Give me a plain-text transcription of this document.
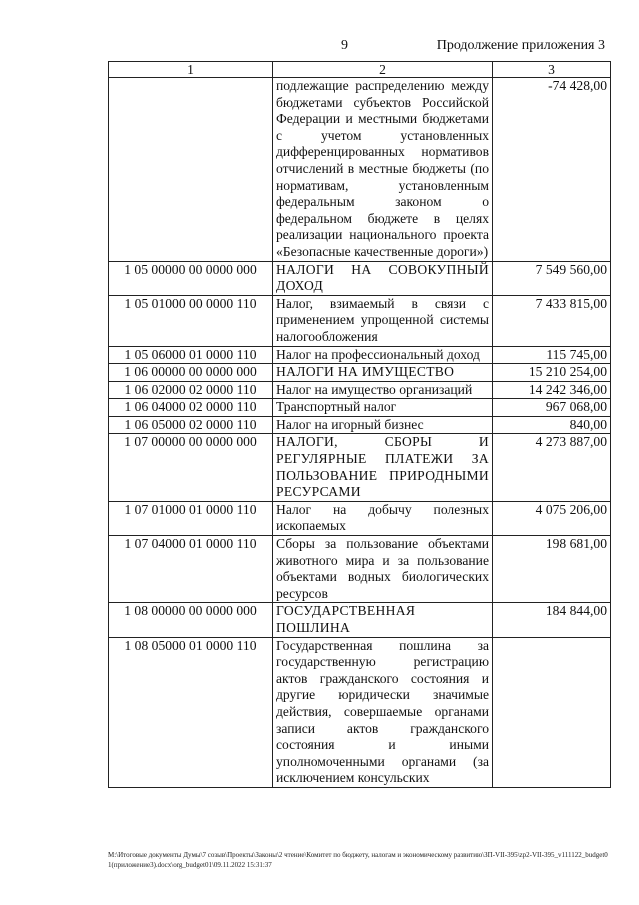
9	Продолжение приложения 3
1	2	3
	подлежащие распределению между бюджетами субъектов Российской Федерации и местными бюджетами с учетом установленных дифференцированных нормативов отчислений в местные бюджеты (по нормативам, установленным федеральным законом о федеральном бюджете в целях реализации национального проекта «Безопасные качественные дороги»)	-74 428,00
1 05 00000 00 0000 000	НАЛОГИ НА СОВОКУПНЫЙ ДОХОД	7 549 560,00
1 05 01000 00 0000 110	Налог, взимаемый в связи с применением упрощенной системы налогообложения	7 433 815,00
1 05 06000 01 0000 110	Налог на профессиональный доход	115 745,00
1 06 00000 00 0000 000	НАЛОГИ НА ИМУЩЕСТВО	15 210 254,00
1 06 02000 02 0000 110	Налог на имущество организаций	14 242 346,00
1 06 04000 02 0000 110	Транспортный налог	967 068,00
1 06 05000 02 0000 110	Налог на игорный бизнес	840,00
1 07 00000 00 0000 000	НАЛОГИ, СБОРЫ И РЕГУЛЯРНЫЕ ПЛАТЕЖИ ЗА ПОЛЬЗОВАНИЕ ПРИРОДНЫМИ РЕСУРСАМИ	4 273 887,00
1 07 01000 01 0000 110	Налог на добычу полезных ископаемых	4 075 206,00
1 07 04000 01 0000 110	Сборы за пользование объектами животного мира и за пользование объектами водных биологических ресурсов	198 681,00
1 08 00000 00 0000 000	ГОСУДАРСТВЕННАЯ ПОШЛИНА	184 844,00
1 08 05000 01 0000 110	Государственная пошлина за государственную регистрацию актов гражданского состояния и другие юридически значимые действия, совершаемые органами записи актов гражданского состояния и иными уполномоченными органами (за исключением консульских	
M:\Итоговые документы Думы\7 созыв\Проекты\Законы\2 чтение\Комитет по бюджету, налогам и экономическому развитию\ЗП-VII-395\zp2-VII-395_v111122_budget01(приложение3).docx\org_budget01\09.11.2022 15:31:37
